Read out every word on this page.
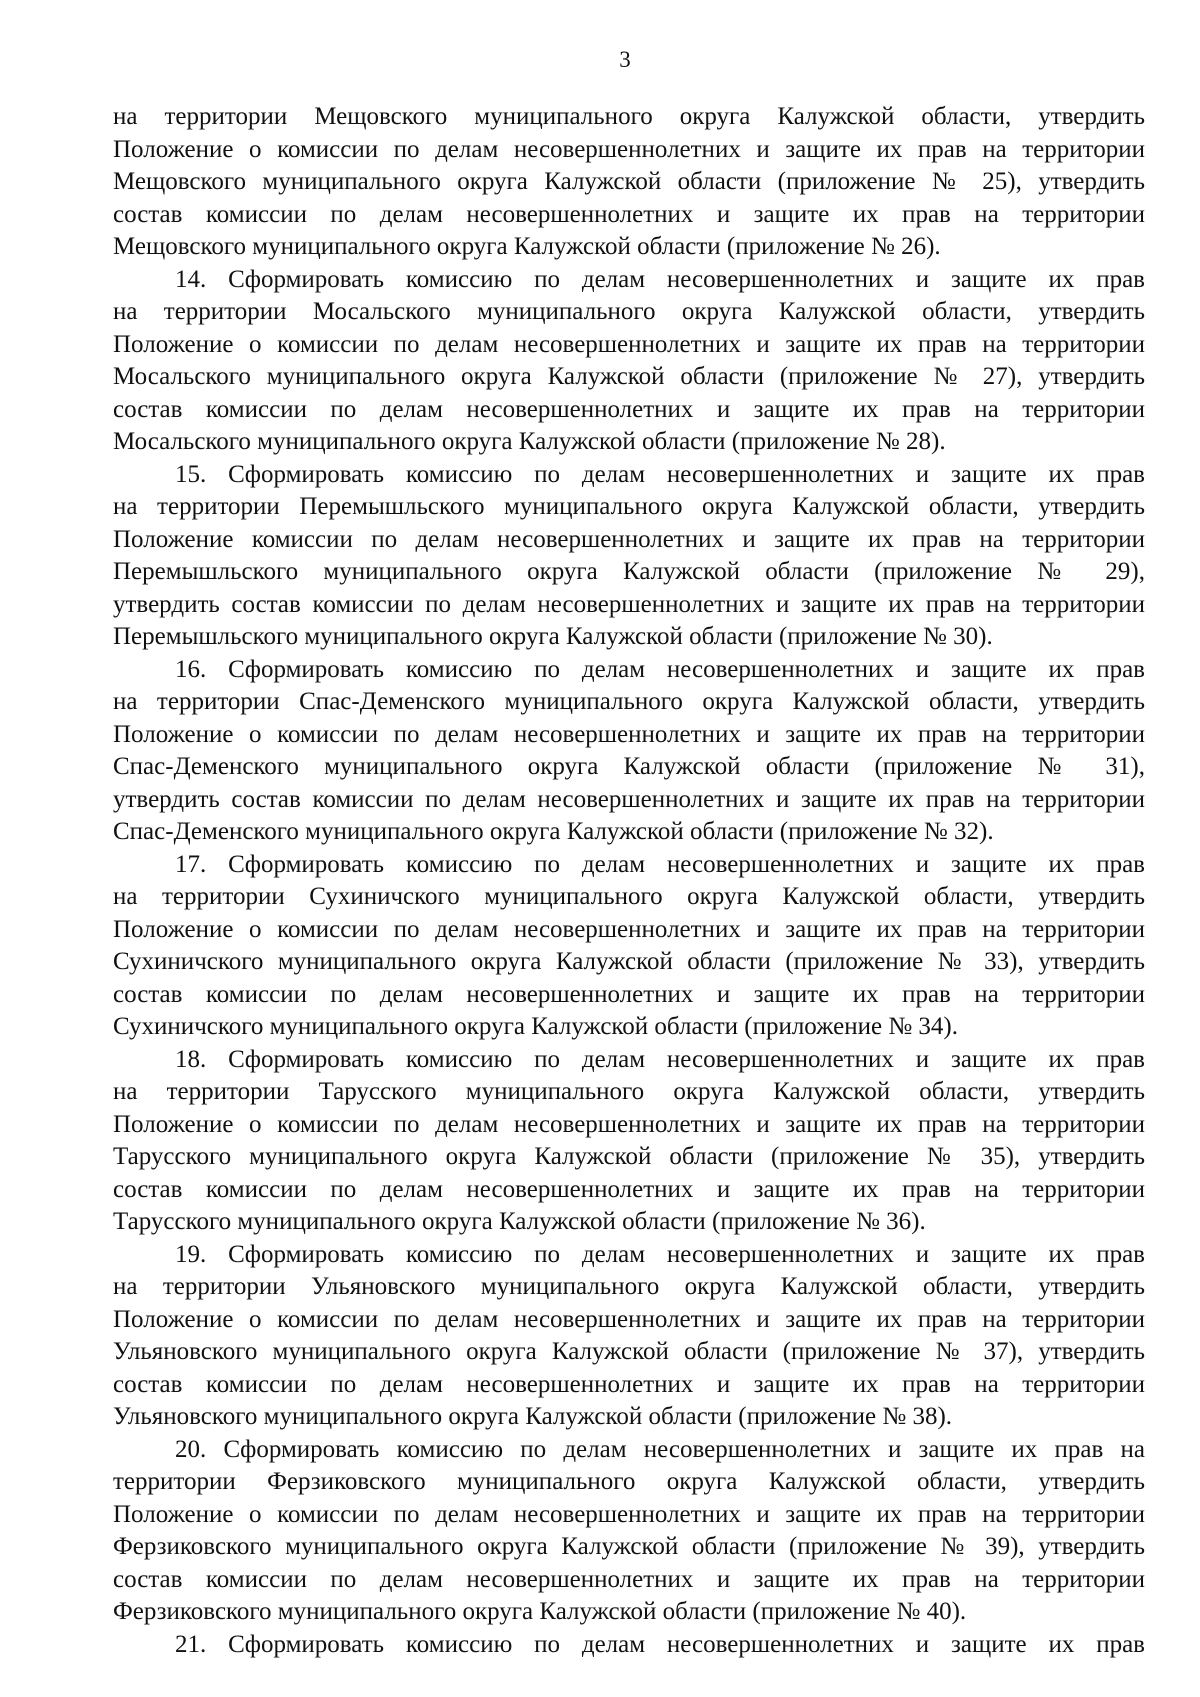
3
на территории Мещовского муниципального округа Калужской области, утвердить
Положение о комиссии по делам несовершеннолетних и защите их прав на территории
Мещовского муниципального округа Калужской области (приложение № 25), утвердить
состав комиссии по делам несовершеннолетних и защите их прав на территории
Мещовского муниципального округа Калужской области (приложение № 26).
14. Сформировать комиссию по делам несовершеннолетних и защите их прав
на территории Мосальского муниципального округа Калужской области, утвердить
Положение о комиссии по делам несовершеннолетних и защите их прав на территории
Мосальского муниципального округа Калужской области (приложение № 27), утвердить
состав комиссии по делам несовершеннолетних и защите их прав на территории
Мосальского муниципального округа Калужской области (приложение № 28).
15. Сформировать комиссию по делам несовершеннолетних и защите их прав
на территории Перемышльского муниципального округа Калужской области, утвердить
Положение комиссии по делам несовершеннолетних и защите их прав на территории
Перемышльского муниципального округа Калужской области (приложение № 29),
утвердить состав комиссии по делам несовершеннолетних и защите их прав на территории
Перемышльского муниципального округа Калужской области (приложение № 30).
16. Сформировать комиссию по делам несовершеннолетних и защите их прав
на территории Спас-Деменского муниципального округа Калужской области, утвердить
Положение о комиссии по делам несовершеннолетних и защите их прав на территории
Спас-Деменского муниципального округа Калужской области (приложение № 31),
утвердить состав комиссии по делам несовершеннолетних и защите их прав на территории
Спас-Деменского муниципального округа Калужской области (приложение № 32).
17. Сформировать комиссию по делам несовершеннолетних и защите их прав
на территории Сухиничского муниципального округа Калужской области, утвердить
Положение о комиссии по делам несовершеннолетних и защите их прав на территории
Сухиничского муниципального округа Калужской области (приложение № 33), утвердить
состав комиссии по делам несовершеннолетних и защите их прав на территории
Сухиничского муниципального округа Калужской области (приложение № 34).
18. Сформировать комиссию по делам несовершеннолетних и защите их прав
на территории Тарусского муниципального округа Калужской области, утвердить
Положение о комиссии по делам несовершеннолетних и защите их прав на территории
Тарусского муниципального округа Калужской области (приложение № 35), утвердить
состав комиссии по делам несовершеннолетних и защите их прав на территории
Тарусского муниципального округа Калужской области (приложение № 36).
19. Сформировать комиссию по делам несовершеннолетних и защите их прав
на территории Ульяновского муниципального округа Калужской области, утвердить
Положение о комиссии по делам несовершеннолетних и защите их прав на территории
Ульяновского муниципального округа Калужской области (приложение № 37), утвердить
состав комиссии по делам несовершеннолетних и защите их прав на территории
Ульяновского муниципального округа Калужской области (приложение № 38).
20. Сформировать комиссию по делам несовершеннолетних и защите их прав на
территории Ферзиковского муниципального округа Калужской области, утвердить
Положение о комиссии по делам несовершеннолетних и защите их прав на территории
Ферзиковского муниципального округа Калужской области (приложение № 39), утвердить
состав комиссии по делам несовершеннолетних и защите их прав на территории
Ферзиковского муниципального округа Калужской области (приложение № 40).
21. Сформировать комиссию по делам несовершеннолетних и защите их прав
